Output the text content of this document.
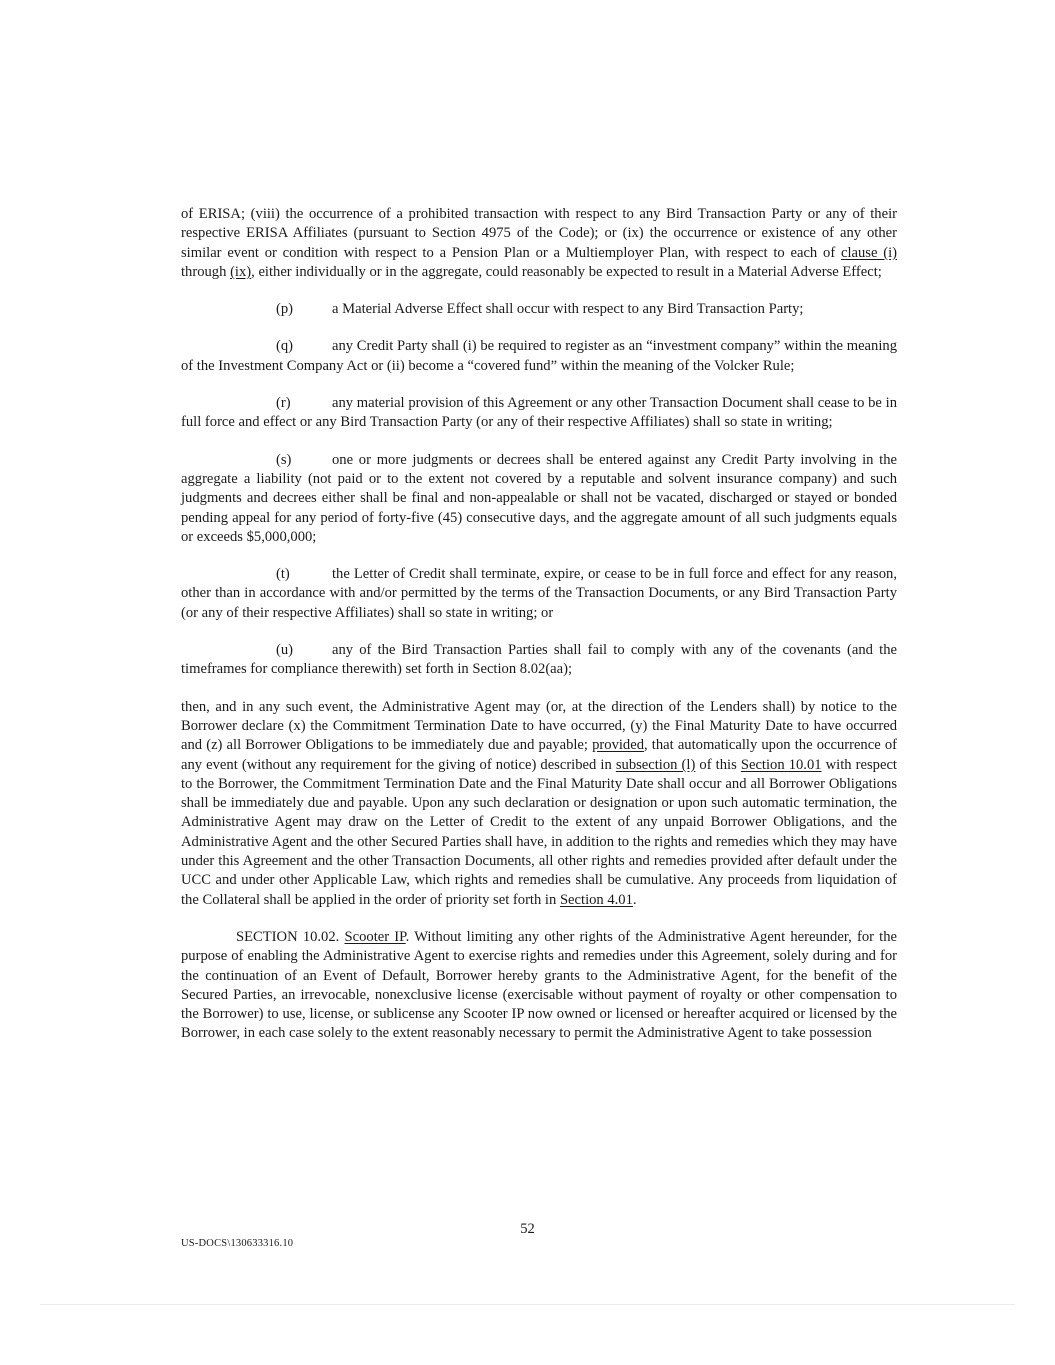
of ERISA; (viii) the occurrence of a prohibited transaction with respect to any Bird Transaction Party or any of their respective ERISA Affiliates (pursuant to Section 4975 of the Code); or (ix) the occurrence or existence of any other similar event or condition with respect to a Pension Plan or a Multiemployer Plan, with respect to each of clause (i) through (ix), either individually or in the aggregate, could reasonably be expected to result in a Material Adverse Effect;

(p)	a Material Adverse Effect shall occur with respect to any Bird Transaction Party;

(q)	any Credit Party shall (i) be required to register as an “investment company” within the meaning of the Investment Company Act or (ii) become a “covered fund” within the meaning of the Volcker Rule;

(r)	any material provision of this Agreement or any other Transaction Document shall cease to be in full force and effect or any Bird Transaction Party (or any of their respective Affiliates) shall so state in writing;

(s)	one or more judgments or decrees shall be entered against any Credit Party involving in the aggregate a liability (not paid or to the extent not covered by a reputable and solvent insurance company) and such judgments and decrees either shall be final and non-appealable or shall not be vacated, discharged or stayed or bonded pending appeal for any period of forty-five (45) consecutive days, and the aggregate amount of all such judgments equals or exceeds $5,000,000;

(t)	the Letter of Credit shall terminate, expire, or cease to be in full force and effect for any reason, other than in accordance with and/or permitted by the terms of the Transaction Documents, or any Bird Transaction Party (or any of their respective Affiliates) shall so state in writing; or

(u)	any of the Bird Transaction Parties shall fail to comply with any of the covenants (and the timeframes for compliance therewith) set forth in Section 8.02(aa);

then, and in any such event, the Administrative Agent may (or, at the direction of the Lenders shall) by notice to the Borrower declare (x) the Commitment Termination Date to have occurred, (y) the Final Maturity Date to have occurred and (z) all Borrower Obligations to be immediately due and payable; provided, that automatically upon the occurrence of any event (without any requirement for the giving of notice) described in subsection (l) of this Section 10.01 with respect to the Borrower, the Commitment Termination Date and the Final Maturity Date shall occur and all Borrower Obligations shall be immediately due and payable. Upon any such declaration or designation or upon such automatic termination, the Administrative Agent may draw on the Letter of Credit to the extent of any unpaid Borrower Obligations, and the Administrative Agent and the other Secured Parties shall have, in addition to the rights and remedies which they may have under this Agreement and the other Transaction Documents, all other rights and remedies provided after default under the UCC and under other Applicable Law, which rights and remedies shall be cumulative. Any proceeds from liquidation of the Collateral shall be applied in the order of priority set forth in Section 4.01.

SECTION 10.02. Scooter IP. Without limiting any other rights of the Administrative Agent hereunder, for the purpose of enabling the Administrative Agent to exercise rights and remedies under this Agreement, solely during and for the continuation of an Event of Default, Borrower hereby grants to the Administrative Agent, for the benefit of the Secured Parties, an irrevocable, nonexclusive license (exercisable without payment of royalty or other compensation to the Borrower) to use, license, or sublicense any Scooter IP now owned or licensed or hereafter acquired or licensed by the Borrower, in each case solely to the extent reasonably necessary to permit the Administrative Agent to take possession

52
US-DOCS\130633316.10
